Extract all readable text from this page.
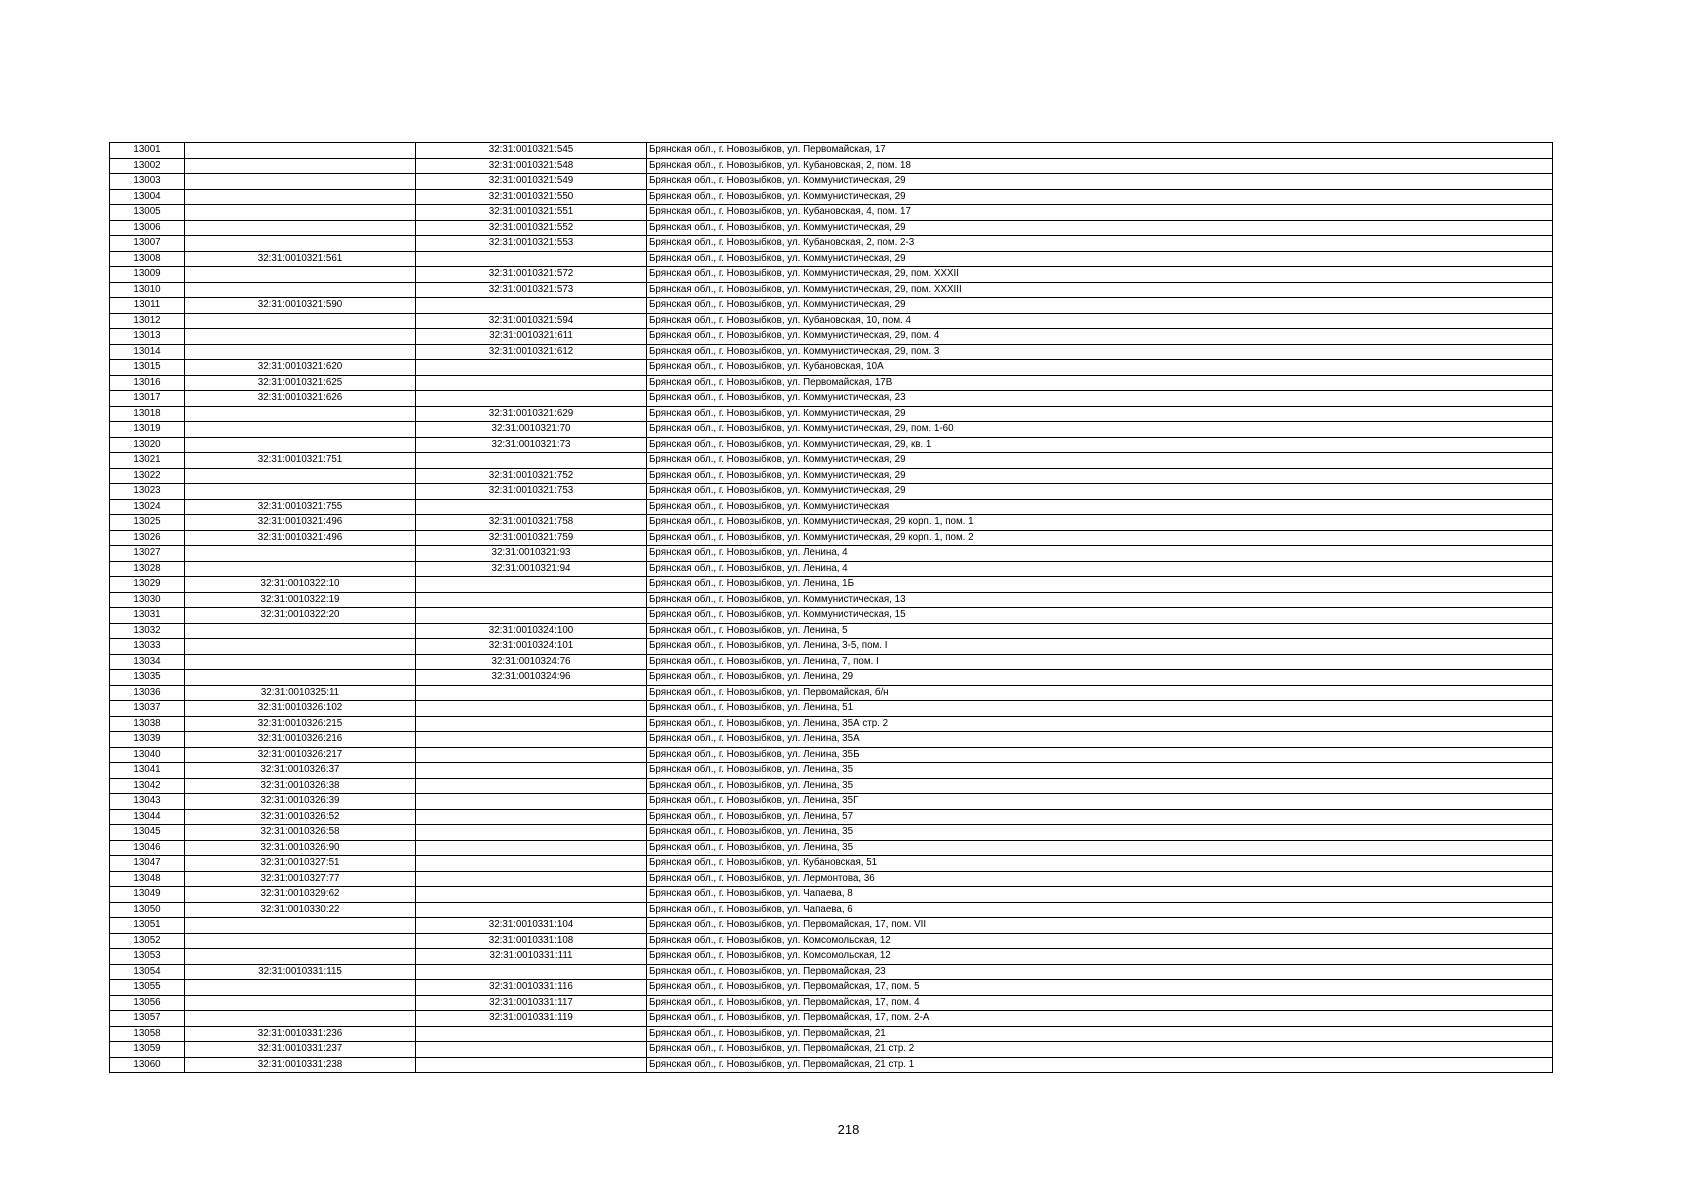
13001		32:31:0010321:545	Брянская обл., г. Новозыбков, ул. Первомайская, 17
13002		32:31:0010321:548	Брянская обл., г. Новозыбков, ул. Кубановская, 2, пом. 18
13003		32:31:0010321:549	Брянская обл., г. Новозыбков, ул. Коммунистическая, 29
13004		32:31:0010321:550	Брянская обл., г. Новозыбков, ул. Коммунистическая, 29
13005		32:31:0010321:551	Брянская обл., г. Новозыбков, ул. Кубановская, 4, пом. 17
13006		32:31:0010321:552	Брянская обл., г. Новозыбков, ул. Коммунистическая, 29
13007		32:31:0010321:553	Брянская обл., г. Новозыбков, ул. Кубановская, 2, пом. 2-3
13008	32:31:0010321:561		Брянская обл., г. Новозыбков, ул. Коммунистическая, 29
13009		32:31:0010321:572	Брянская обл., г. Новозыбков, ул. Коммунистическая, 29, пом. XXXII
13010		32:31:0010321:573	Брянская обл., г. Новозыбков, ул. Коммунистическая, 29, пом. XXXIII
13011	32:31:0010321:590		Брянская обл., г. Новозыбков, ул. Коммунистическая, 29
13012		32:31:0010321:594	Брянская обл., г. Новозыбков, ул. Кубановская, 10, пом. 4
13013		32:31:0010321:611	Брянская обл., г. Новозыбков, ул. Коммунистическая, 29, пом. 4
13014		32:31:0010321:612	Брянская обл., г. Новозыбков, ул. Коммунистическая, 29, пом. 3
13015	32:31:0010321:620		Брянская обл., г. Новозыбков, ул. Кубановская, 10А
13016	32:31:0010321:625		Брянская обл., г. Новозыбков, ул. Первомайская, 17В
13017	32:31:0010321:626		Брянская обл., г. Новозыбков, ул. Коммунистическая, 23
13018		32:31:0010321:629	Брянская обл., г. Новозыбков, ул. Коммунистическая, 29
13019		32:31:0010321:70	Брянская обл., г. Новозыбков, ул. Коммунистическая, 29, пом. 1-60
13020		32:31:0010321:73	Брянская обл., г. Новозыбков, ул. Коммунистическая, 29, кв. 1
13021	32:31:0010321:751		Брянская обл., г. Новозыбков, ул. Коммунистическая, 29
13022		32:31:0010321:752	Брянская обл., г. Новозыбков, ул. Коммунистическая, 29
13023		32:31:0010321:753	Брянская обл., г. Новозыбков, ул. Коммунистическая, 29
13024	32:31:0010321:755		Брянская обл., г. Новозыбков, ул. Коммунистическая
13025	32:31:0010321:496	32:31:0010321:758	Брянская обл., г. Новозыбков, ул. Коммунистическая, 29 корп. 1, пом. 1
13026	32:31:0010321:496	32:31:0010321:759	Брянская обл., г. Новозыбков, ул. Коммунистическая, 29 корп. 1, пом. 2
13027		32:31:0010321:93	Брянская обл., г. Новозыбков, ул. Ленина, 4
13028		32:31:0010321:94	Брянская обл., г. Новозыбков, ул. Ленина, 4
13029	32:31:0010322:10		Брянская обл., г. Новозыбков, ул. Ленина, 1Б
13030	32:31:0010322:19		Брянская обл., г. Новозыбков, ул. Коммунистическая, 13
13031	32:31:0010322:20		Брянская обл., г. Новозыбков, ул. Коммунистическая, 15
13032		32:31:0010324:100	Брянская обл., г. Новозыбков, ул. Ленина, 5
13033		32:31:0010324:101	Брянская обл., г. Новозыбков, ул. Ленина, 3-5, пом. I
13034		32:31:0010324:76	Брянская обл., г. Новозыбков, ул. Ленина, 7, пом. I
13035		32:31:0010324:96	Брянская обл., г. Новозыбков, ул. Ленина, 29
13036	32:31:0010325:11		Брянская обл., г. Новозыбков, ул. Первомайская, б/н
13037	32:31:0010326:102		Брянская обл., г. Новозыбков, ул. Ленина, 51
13038	32:31:0010326:215		Брянская обл., г. Новозыбков, ул. Ленина, 35А стр. 2
13039	32:31:0010326:216		Брянская обл., г. Новозыбков, ул. Ленина, 35А
13040	32:31:0010326:217		Брянская обл., г. Новозыбков, ул. Ленина, 35Б
13041	32:31:0010326:37		Брянская обл., г. Новозыбков, ул. Ленина, 35
13042	32:31:0010326:38		Брянская обл., г. Новозыбков, ул. Ленина, 35
13043	32:31:0010326:39		Брянская обл., г. Новозыбков, ул. Ленина, 35Г
13044	32:31:0010326:52		Брянская обл., г. Новозыбков, ул. Ленина, 57
13045	32:31:0010326:58		Брянская обл., г. Новозыбков, ул. Ленина, 35
13046	32:31:0010326:90		Брянская обл., г. Новозыбков, ул. Ленина, 35
13047	32:31:0010327:51		Брянская обл., г. Новозыбков, ул. Кубановская, 51
13048	32:31:0010327:77		Брянская обл., г. Новозыбков, ул. Лермонтова, 36
13049	32:31:0010329:62		Брянская обл., г. Новозыбков, ул. Чапаева, 8
13050	32:31:0010330:22		Брянская обл., г. Новозыбков, ул. Чапаева, 6
13051		32:31:0010331:104	Брянская обл., г. Новозыбков, ул. Первомайская, 17, пом. VII
13052		32:31:0010331:108	Брянская обл., г. Новозыбков, ул. Комсомольская, 12
13053		32:31:0010331:111	Брянская обл., г. Новозыбков, ул. Комсомольская, 12
13054	32:31:0010331:115		Брянская обл., г. Новозыбков, ул. Первомайская, 23
13055		32:31:0010331:116	Брянская обл., г. Новозыбков, ул. Первомайская, 17, пом. 5
13056		32:31:0010331:117	Брянская обл., г. Новозыбков, ул. Первомайская, 17, пом. 4
13057		32:31:0010331:119	Брянская обл., г. Новозыбков, ул. Первомайская, 17, пом. 2-А
13058	32:31:0010331:236		Брянская обл., г. Новозыбков, ул. Первомайская, 21
13059	32:31:0010331:237		Брянская обл., г. Новозыбков, ул. Первомайская, 21 стр. 2
13060	32:31:0010331:238		Брянская обл., г. Новозыбков, ул. Первомайская, 21 стр. 1
218
